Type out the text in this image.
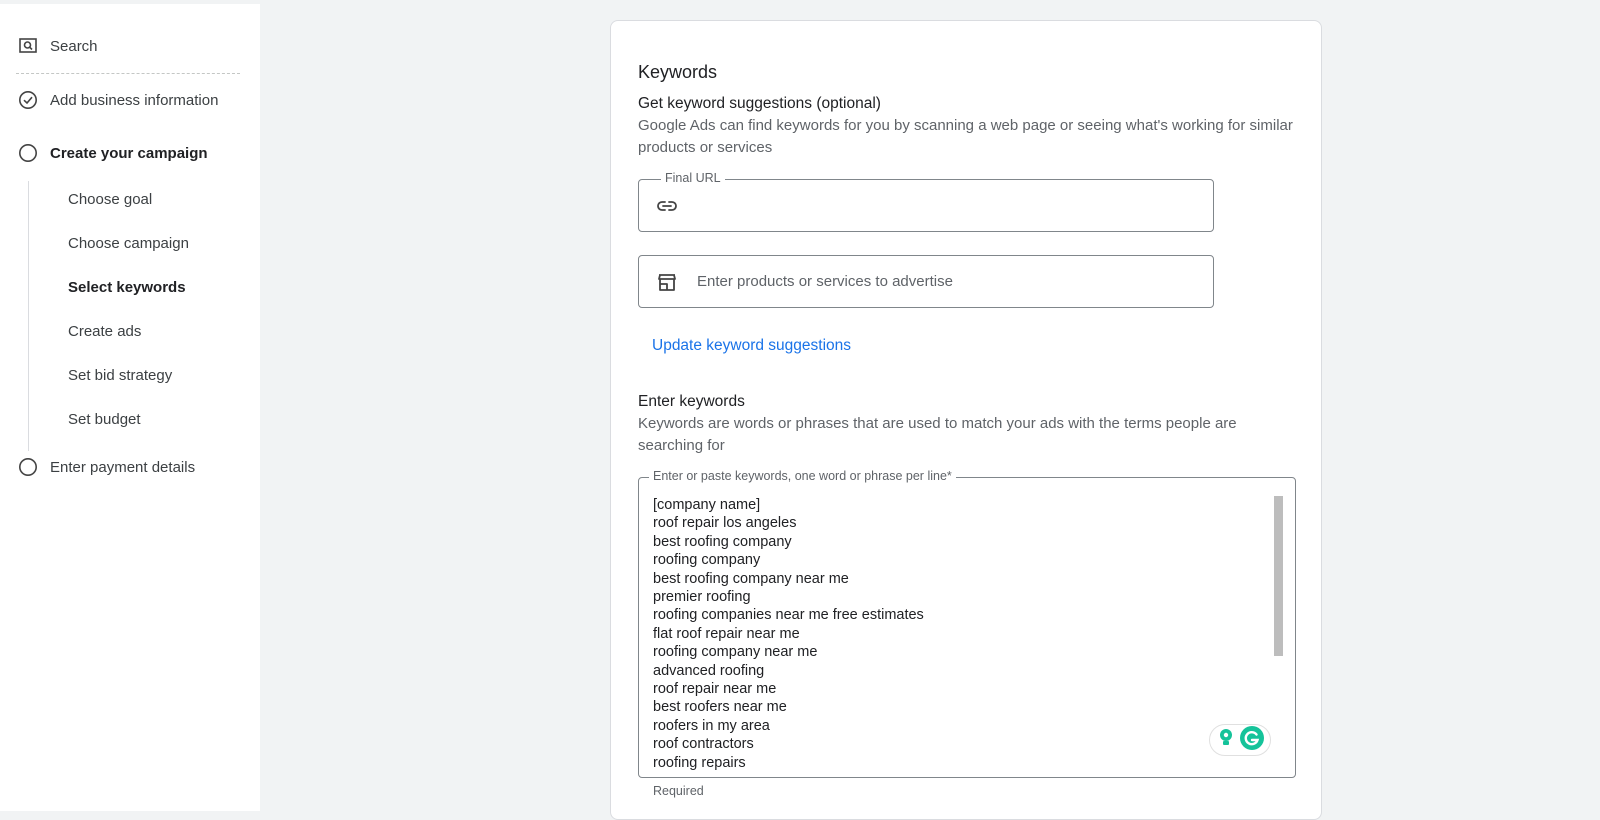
Search
Add business information
Create your campaign
Choose goal
Choose campaign
Select keywords
Create ads
Set bid strategy
Set budget
Enter payment details
Keywords
Get keyword suggestions (optional)
Google Ads can find keywords for you by scanning a web page or seeing what's working for similar products or services
Final URL
Enter products or services to advertise
Update keyword suggestions
Enter keywords
Keywords are words or phrases that are used to match your ads with the terms people are searching for
Enter or paste keywords, one word or phrase per line*
[company name]
roof repair los angeles
best roofing company
roofing company
best roofing company near me
premier roofing
roofing companies near me free estimates
flat roof repair near me
roofing company near me
advanced roofing
roof repair near me
best roofers near me
roofers in my area
roof contractors
roofing repairs
Required
